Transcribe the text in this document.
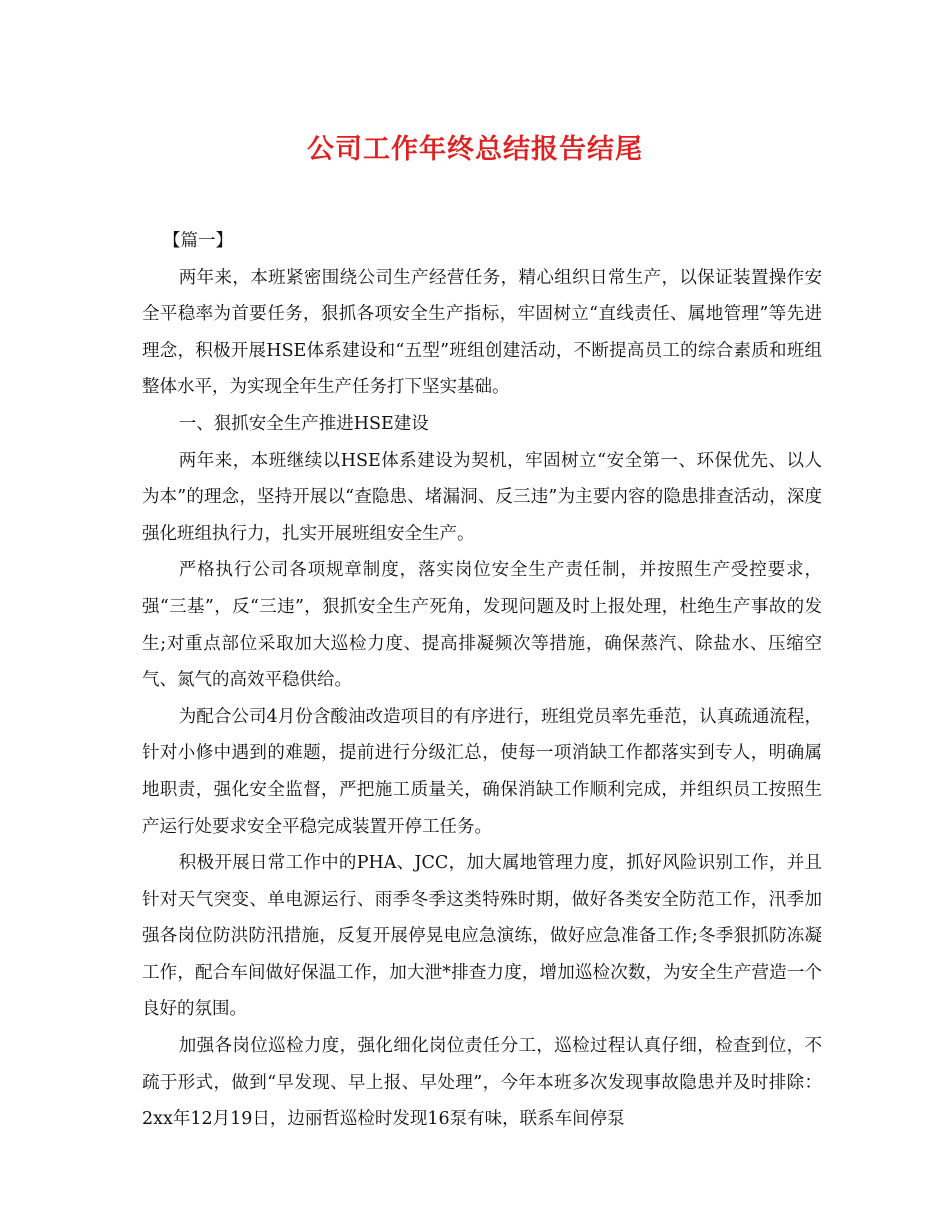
公司工作年终总结报告结尾

【篇一】

两年来，本班紧密围绕公司生产经营任务，精心组织日常生产，以保证装置操作安全平稳率为首要任务，狠抓各项安全生产指标，牢固树立“直线责任、属地管理”等先进理念，积极开展HSE体系建设和“五型”班组创建活动，不断提高员工的综合素质和班组整体水平，为实现全年生产任务打下坚实基础。

一、狠抓安全生产推进HSE建设

两年来，本班继续以HSE体系建设为契机，牢固树立“安全第一、环保优先、以人为本”的理念，坚持开展以“查隐患、堵漏洞、反三违”为主要内容的隐患排查活动，深度强化班组执行力，扎实开展班组安全生产。

严格执行公司各项规章制度，落实岗位安全生产责任制，并按照生产受控要求，强“三基”，反“三违”，狠抓安全生产死角，发现问题及时上报处理，杜绝生产事故的发生;对重点部位采取加大巡检力度、提高排凝频次等措施，确保蒸汽、除盐水、压缩空气、氮气的高效平稳供给。

为配合公司4月份含酸油改造项目的有序进行，班组党员率先垂范，认真疏通流程，针对小修中遇到的难题，提前进行分级汇总，使每一项消缺工作都落实到专人，明确属地职责，强化安全监督，严把施工质量关，确保消缺工作顺利完成，并组织员工按照生产运行处要求安全平稳完成装置开停工任务。

积极开展日常工作中的PHA、JCC，加大属地管理力度，抓好风险识别工作，并且针对天气突变、单电源运行、雨季冬季这类特殊时期，做好各类安全防范工作，汛季加强各岗位防洪防汛措施，反复开展停晃电应急演练，做好应急准备工作;冬季狠抓防冻凝工作，配合车间做好保温工作，加大泄*排查力度，增加巡检次数，为安全生产营造一个良好的氛围。

加强各岗位巡检力度，强化细化岗位责任分工，巡检过程认真仔细，检查到位，不疏于形式，做到“早发现、早上报、早处理”，今年本班多次发现事故隐患并及时排除：2xx年12月19日，边丽哲巡检时发现16泵有味，联系车间停泵
